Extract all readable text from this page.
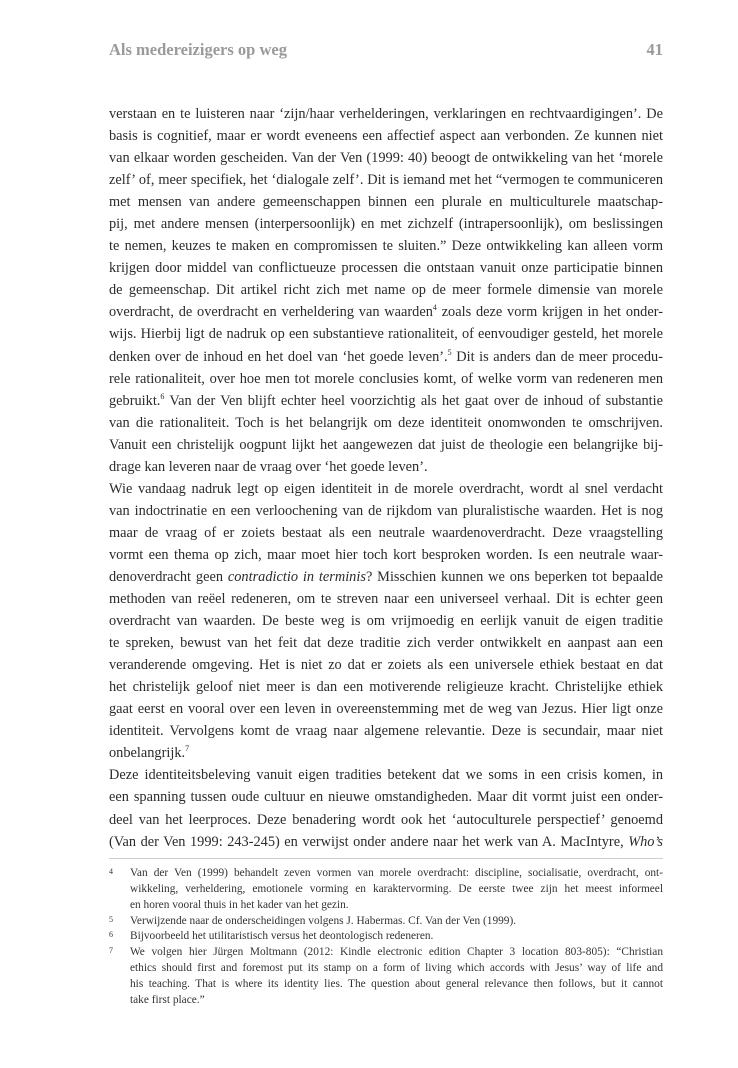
Als medereizigers op weg	41

verstaan en te luisteren naar ‘zijn/haar verhelderingen, verklaringen en rechtvaardigingen’. De
basis is cognitief, maar er wordt eveneens een affectief aspect aan verbonden. Ze kunnen niet
van elkaar worden gescheiden. Van der Ven (1999: 40) beoogt de ontwikkeling van het ‘morele
zelf’ of, meer specifiek, het ‘dialogale zelf’. Dit is iemand met het “vermogen te communiceren
met mensen van andere gemeenschappen binnen een plurale en multiculturele maatschap-
pij, met andere mensen (interpersoonlijk) en met zichzelf (intrapersoonlijk), om beslissingen
te nemen, keuzes te maken en compromissen te sluiten.” Deze ontwikkeling kan alleen vorm
krijgen door middel van conflictueuze processen die ontstaan vanuit onze participatie binnen
de gemeenschap. Dit artikel richt zich met name op de meer formele dimensie van morele
overdracht, de overdracht en verheldering van waarden$^4$ zoals deze vorm krijgen in het onder-
wijs. Hierbij ligt de nadruk op een substantieve rationaliteit, of eenvoudiger gesteld, het morele
denken over de inhoud en het doel van ‘het goede leven’.$^5$ Dit is anders dan de meer procedu-
rele rationaliteit, over hoe men tot morele conclusies komt, of welke vorm van redeneren men
gebruikt.$^6$ Van der Ven blijft echter heel voorzichtig als het gaat over de inhoud of substantie
van die rationaliteit. Toch is het belangrijk om deze identiteit onomwonden te omschrijven.
Vanuit een christelijk oogpunt lijkt het aangewezen dat juist de theologie een belangrijke bij-
drage kan leveren naar de vraag over ‘het goede leven’.

Wie vandaag nadruk legt op eigen identiteit in de morele overdracht, wordt al snel verdacht
van indoctrinatie en een verloochening van de rijkdom van pluralistische waarden. Het is nog
maar de vraag of er zoiets bestaat als een neutrale waardenoverdracht. Deze vraagstelling
vormt een thema op zich, maar moet hier toch kort besproken worden. Is een neutrale waar-
denoverdracht geen contradictio in terminis? Misschien kunnen we ons beperken tot bepaalde
methoden van reëel redeneren, om te streven naar een universeel verhaal. Dit is echter geen
overdracht van waarden. De beste weg is om vrijmoedig en eerlijk vanuit de eigen traditie
te spreken, bewust van het feit dat deze traditie zich verder ontwikkelt en aanpast aan een
veranderende omgeving. Het is niet zo dat er zoiets als een universele ethiek bestaat en dat
het christelijk geloof niet meer is dan een motiverende religieuze kracht. Christelijke ethiek
gaat eerst en vooral over een leven in overeenstemming met de weg van Jezus. Hier ligt onze
identiteit. Vervolgens komt de vraag naar algemene relevantie. Deze is secundair, maar niet
onbelangrijk.$^7$

Deze identiteitsbeleving vanuit eigen tradities betekent dat we soms in een crisis komen, in
een spanning tussen oude cultuur en nieuwe omstandigheden. Maar dit vormt juist een onder-
deel van het leerproces. Deze benadering wordt ook het ‘autoculturele perspectief’ genoemd
(Van der Ven 1999: 243-245) en verwijst onder andere naar het werk van A. MacIntyre, Who’s

4 Van der Ven (1999) behandelt zeven vormen van morele overdracht: discipline, socialisatie, overdracht, ont-
wikkeling, verheldering, emotionele vorming en karaktervorming. De eerste twee zijn het meest informeel
en horen vooral thuis in het kader van het gezin.
5 Verwijzende naar de onderscheidingen volgens J. Habermas. Cf. Van der Ven (1999).
6 Bijvoorbeeld het utilitaristisch versus het deontologisch redeneren.
7 We volgen hier Jürgen Moltmann (2012: Kindle electronic edition Chapter 3 location 803-805): “Christian
ethics should first and foremost put its stamp on a form of living which accords with Jesus’ way of life and
his teaching. That is where its identity lies. The question about general relevance then follows, but it cannot
take first place.”
